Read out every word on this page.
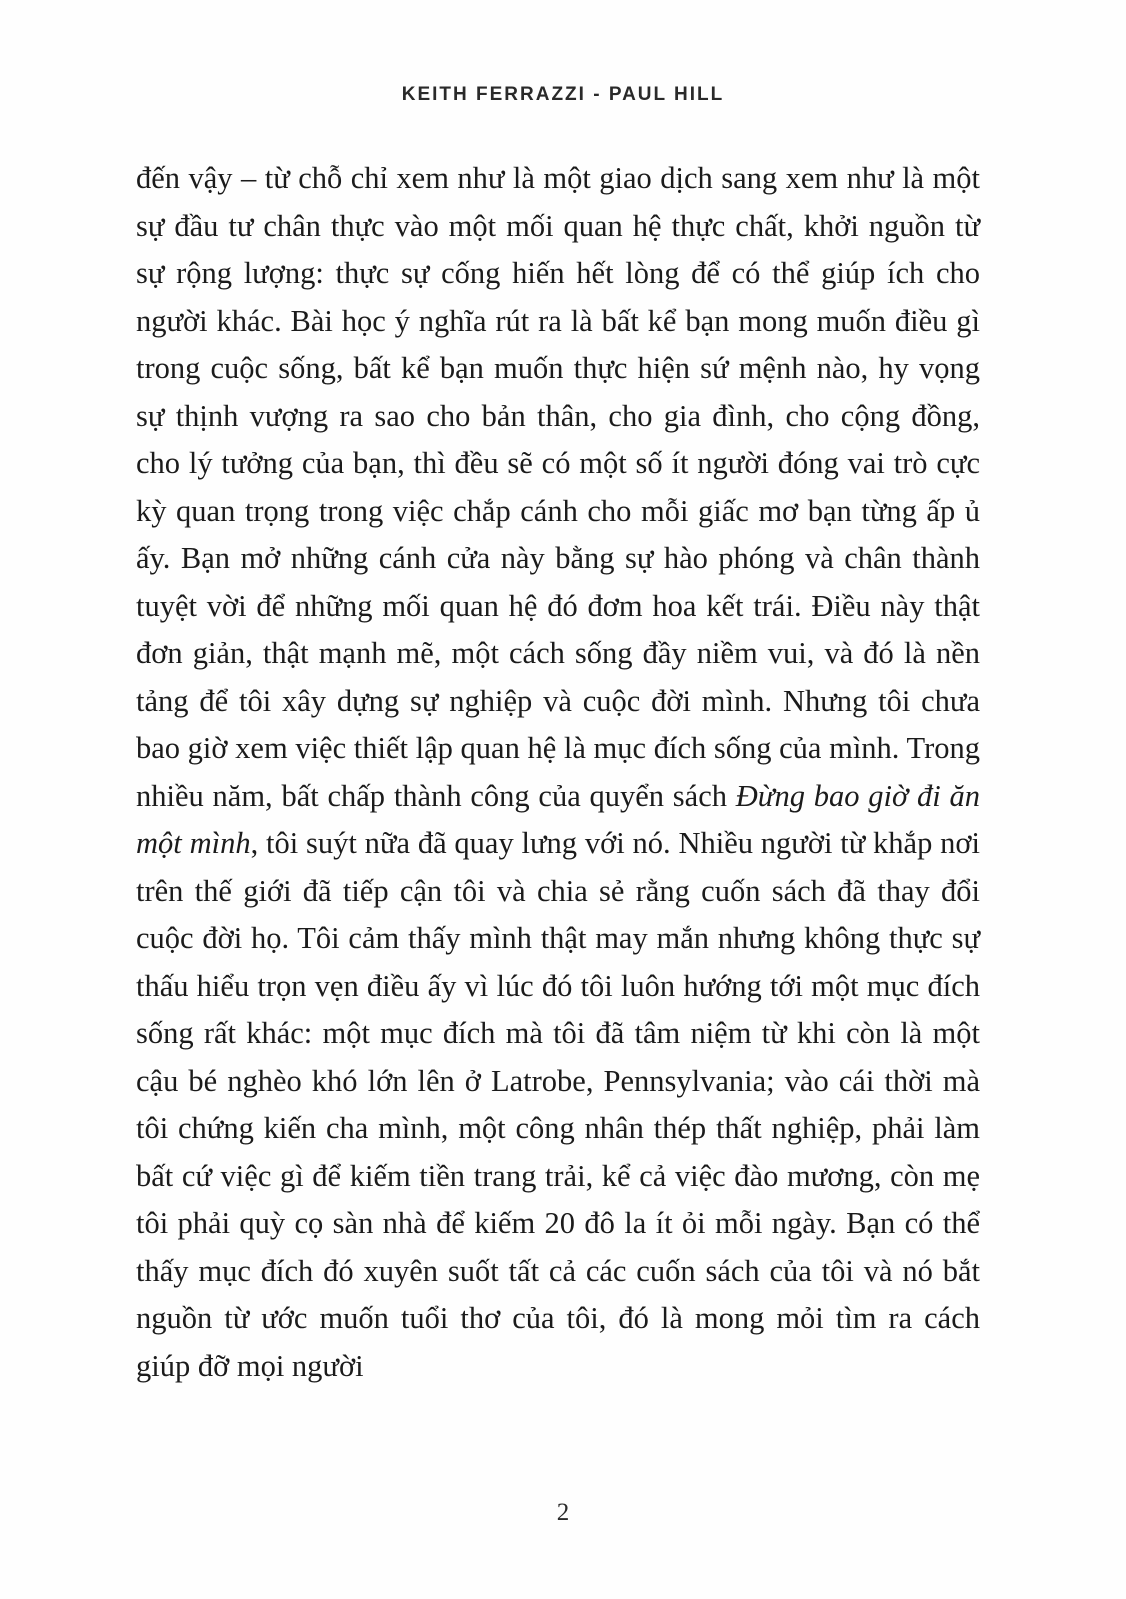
KEITH FERRAZZI - PAUL HILL

đến vậy – từ chỗ chỉ xem như là một giao dịch sang xem như là một sự đầu tư chân thực vào một mối quan hệ thực chất, khởi nguồn từ sự rộng lượng: thực sự cống hiến hết lòng để có thể giúp ích cho người khác. Bài học ý nghĩa rút ra là bất kể bạn mong muốn điều gì trong cuộc sống, bất kể bạn muốn thực hiện sứ mệnh nào, hy vọng sự thịnh vượng ra sao cho bản thân, cho gia đình, cho cộng đồng, cho lý tưởng của bạn, thì đều sẽ có một số ít người đóng vai trò cực kỳ quan trọng trong việc chắp cánh cho mỗi giấc mơ bạn từng ấp ủ ấy. Bạn mở những cánh cửa này bằng sự hào phóng và chân thành tuyệt vời để những mối quan hệ đó đơm hoa kết trái. Điều này thật đơn giản, thật mạnh mẽ, một cách sống đầy niềm vui, và đó là nền tảng để tôi xây dựng sự nghiệp và cuộc đời mình. Nhưng tôi chưa bao giờ xem việc thiết lập quan hệ là mục đích sống của mình. Trong nhiều năm, bất chấp thành công của quyển sách Đừng bao giờ đi ăn một mình, tôi suýt nữa đã quay lưng với nó. Nhiều người từ khắp nơi trên thế giới đã tiếp cận tôi và chia sẻ rằng cuốn sách đã thay đổi cuộc đời họ. Tôi cảm thấy mình thật may mắn nhưng không thực sự thấu hiểu trọn vẹn điều ấy vì lúc đó tôi luôn hướng tới một mục đích sống rất khác: một mục đích mà tôi đã tâm niệm từ khi còn là một cậu bé nghèo khó lớn lên ở Latrobe, Pennsylvania; vào cái thời mà tôi chứng kiến cha mình, một công nhân thép thất nghiệp, phải làm bất cứ việc gì để kiếm tiền trang trải, kể cả việc đào mương, còn mẹ tôi phải quỳ cọ sàn nhà để kiếm 20 đô la ít ỏi mỗi ngày. Bạn có thể thấy mục đích đó xuyên suốt tất cả các cuốn sách của tôi và nó bắt nguồn từ ước muốn tuổi thơ của tôi, đó là mong mỏi tìm ra cách giúp đỡ mọi người

2
